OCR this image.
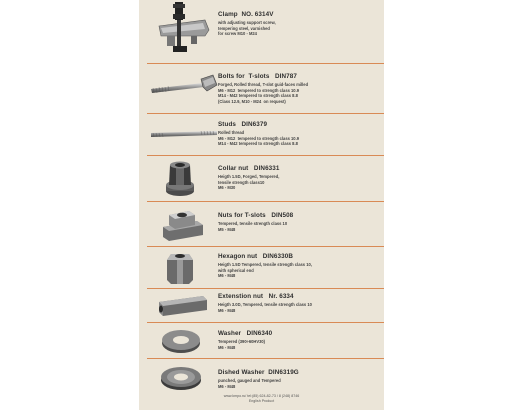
Clamp  NO. 6314V
with adjusting support screw,
tempering steel, varnished
for screw M10 - M24
Bolts for  T-slots   DIN787
Forged, Rolled thread, T-slot guid-faces milled
M6 - M12  tempered to strength class 10.9
M14 - M42 tempered to strength class 8.8
(Class 12.9, M10 - M24  on request)
Studs   DIN6379
Rolled thread
M6 - M12  tempered to strength class 10.9
M14 - M42 tempered to strength class 8.8
Collar nut   DIN6331
Heigth 1.5D, Forged, Tempered,
tensile strength class10
M6 - M30
Nuts for T-slots   DIN508
Tempered, tensile strength class 10
M5 - M48
Hexagon nut   DIN6330B
Heigth 1.5D Tempered, tensile strength class 10,
with spherical end
M6 - M48
Extenstion nut   Nr. 6334
Heigth 3.0D, Tempered, tensile strength class 10
M6 - M48
Washer   DIN6340
Tempered (390÷60HV30)
M6 - M48
Dished Washer  DIN6319G
punched, gauged and Tempered
M6 - M48
www.kmpo.ru/ tel:(85) 624-82-73 / 8 (248) 8746
English Product
